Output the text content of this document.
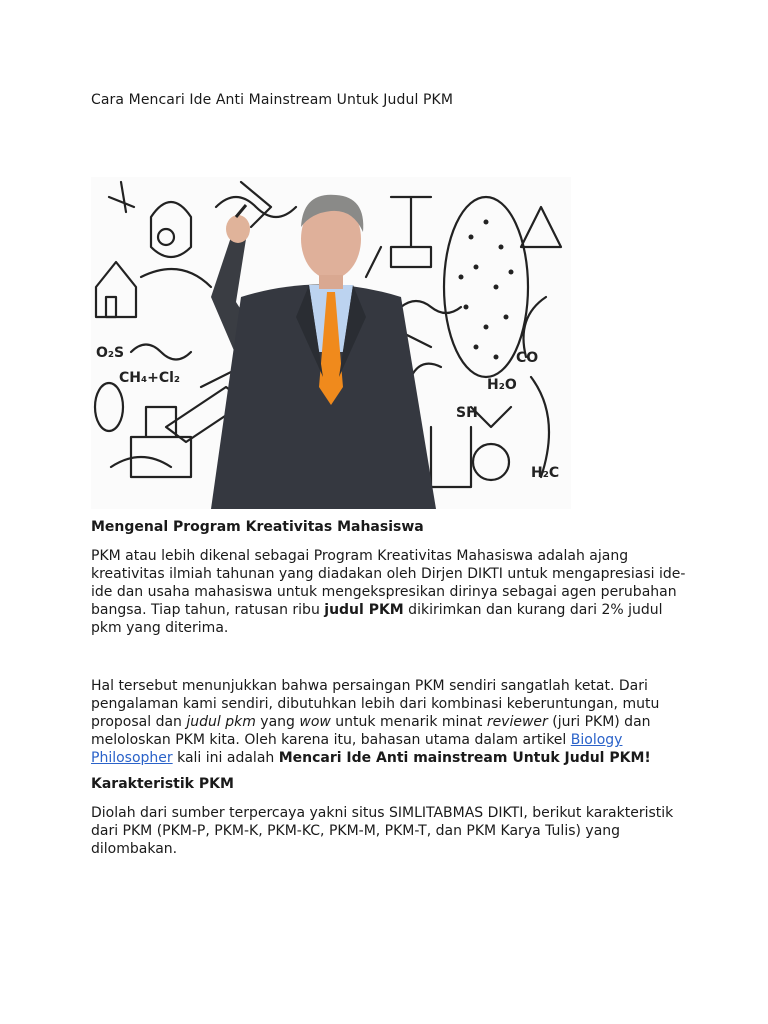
Cara Mencari Ide Anti Mainstream Untuk Judul PKM
CH₄+Cl₂	H₂O
H₂C
O₂S	CO
SH
Mengenal Program Kreativitas Mahasiswa

PKM atau lebih dikenal sebagai Program Kreativitas Mahasiswa adalah ajang kreativitas ilmiah tahunan yang diadakan oleh Dirjen DIKTI untuk mengapresiasi ide-ide dan usaha mahasiswa untuk mengekspresikan dirinya sebagai agen perubahan bangsa. Tiap tahun, ratusan ribu judul PKM dikirimkan dan kurang dari 2% judul pkm yang diterima.

Hal tersebut menunjukkan bahwa persaingan PKM sendiri sangatlah ketat. Dari pengalaman kami sendiri, dibutuhkan lebih dari kombinasi keberuntungan, mutu proposal dan judul pkm yang wow untuk menarik minat reviewer (juri PKM) dan meloloskan PKM kita. Oleh karena itu, bahasan utama dalam artikel Biology Philosopher kali ini adalah Mencari Ide Anti mainstream Untuk Judul PKM!

Karakteristik PKM

Diolah dari sumber terpercaya yakni situs SIMLITABMAS DIKTI, berikut karakteristik dari PKM (PKM-P, PKM-K, PKM-KC, PKM-M, PKM-T, dan PKM Karya Tulis) yang dilombakan.
